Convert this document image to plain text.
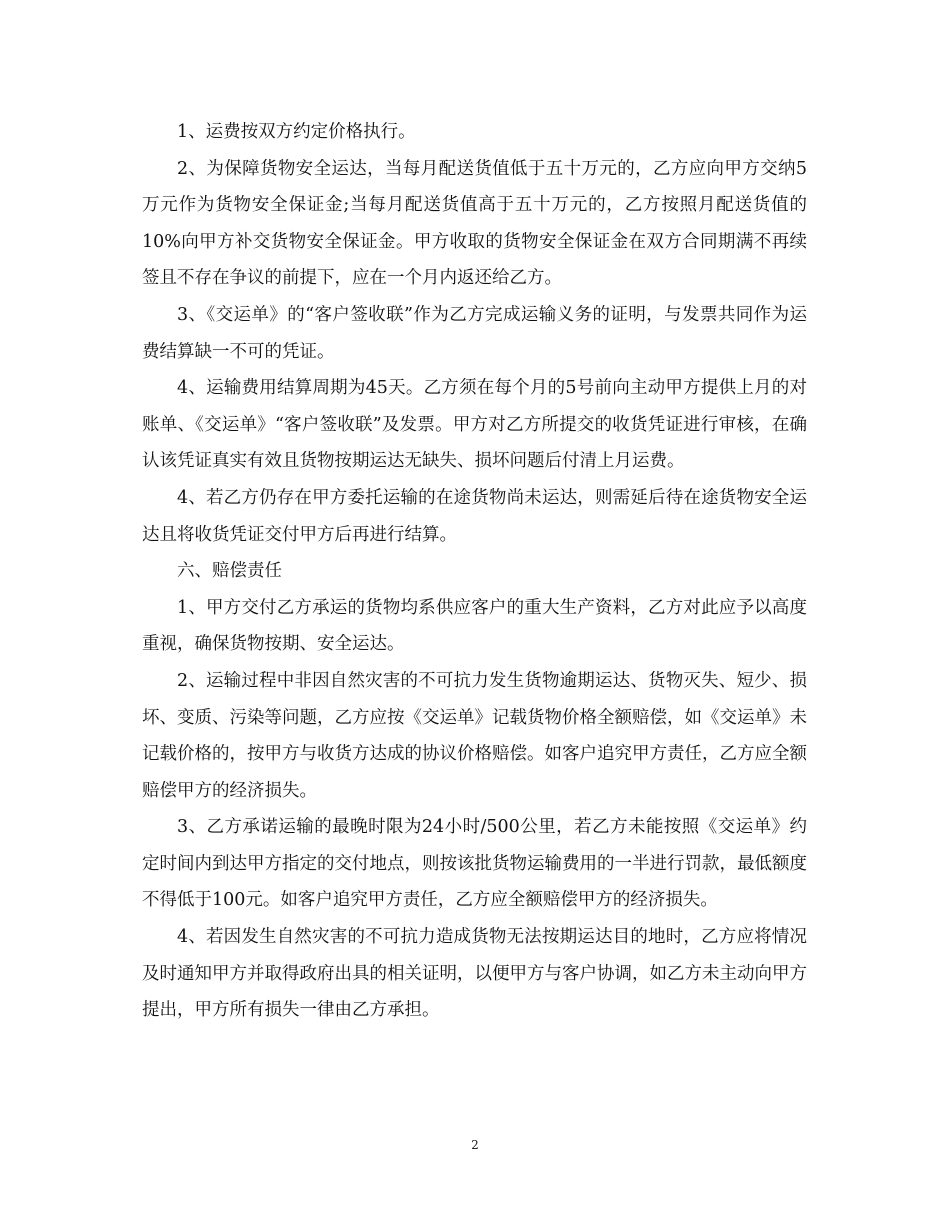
1、运费按双方约定价格执行。

2、为保障货物安全运达，当每月配送货值低于五十万元的，乙方应向甲方交纳5万元作为货物安全保证金;当每月配送货值高于五十万元的，乙方按照月配送货值的10%向甲方补交货物安全保证金。甲方收取的货物安全保证金在双方合同期满不再续签且不存在争议的前提下，应在一个月内返还给乙方。

3、《交运单》的“客户签收联”作为乙方完成运输义务的证明，与发票共同作为运费结算缺一不可的凭证。

4、运输费用结算周期为45天。乙方须在每个月的5号前向主动甲方提供上月的对账单、《交运单》“客户签收联”及发票。甲方对乙方所提交的收货凭证进行审核，在确认该凭证真实有效且货物按期运达无缺失、损坏问题后付清上月运费。

4、若乙方仍存在甲方委托运输的在途货物尚未运达，则需延后待在途货物安全运达且将收货凭证交付甲方后再进行结算。

六、赔偿责任

1、甲方交付乙方承运的货物均系供应客户的重大生产资料，乙方对此应予以高度重视，确保货物按期、安全运达。

2、运输过程中非因自然灾害的不可抗力发生货物逾期运达、货物灭失、短少、损坏、变质、污染等问题，乙方应按《交运单》记载货物价格全额赔偿，如《交运单》未记载价格的，按甲方与收货方达成的协议价格赔偿。如客户追究甲方责任，乙方应全额赔偿甲方的经济损失。

3、乙方承诺运输的最晚时限为24小时/500公里，若乙方未能按照《交运单》约定时间内到达甲方指定的交付地点，则按该批货物运输费用的一半进行罚款，最低额度不得低于100元。如客户追究甲方责任，乙方应全额赔偿甲方的经济损失。

4、若因发生自然灾害的不可抗力造成货物无法按期运达目的地时，乙方应将情况及时通知甲方并取得政府出具的相关证明，以便甲方与客户协调，如乙方未主动向甲方提出，甲方所有损失一律由乙方承担。

2
